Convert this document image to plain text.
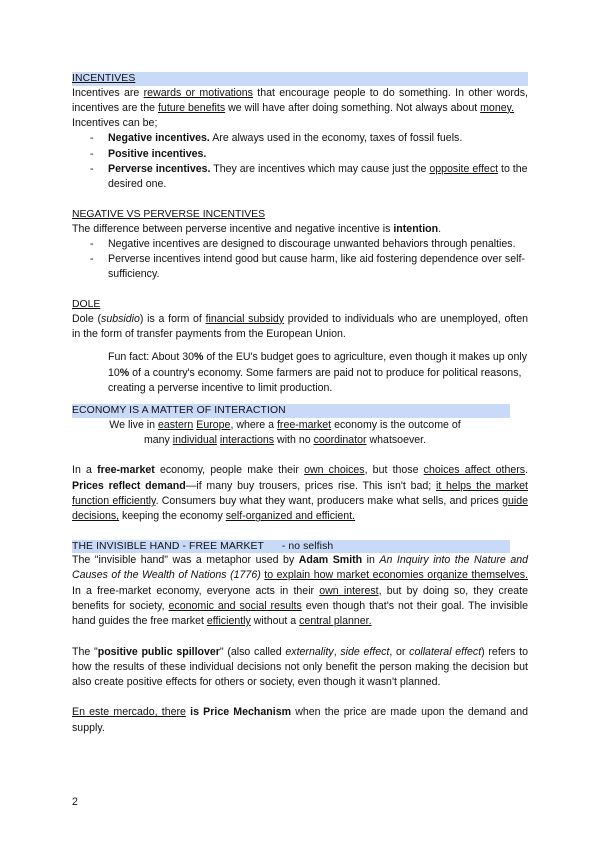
INCENTIVES

Incentives are rewards or motivations that encourage people to do something. In other words, incentives are the future benefits we will have after doing something. Not always about money.

Incentives can be;

- Negative incentives. Are always used in the economy, taxes of fossil fuels.
- Positive incentives.
- Perverse incentives. They are incentives which may cause just the opposite effect to the desired one.

NEGATIVE VS PERVERSE INCENTIVES

The difference between perverse incentive and negative incentive is intention.

- Negative incentives are designed to discourage unwanted behaviors through penalties.
- Perverse incentives intend good but cause harm, like aid fostering dependence over self-sufficiency.

DOLE

Dole (subsidio) is a form of financial subsidy provided to individuals who are unemployed, often in the form of transfer payments from the European Union.

Fun fact: About 30% of the EU's budget goes to agriculture, even though it makes up only 10% of a country's economy. Some farmers are paid not to produce for political reasons, creating a perverse incentive to limit production.

ECONOMY IS A MATTER OF INTERACTION

We live in eastern Europe, where a free-market economy is the outcome of

many individual interactions with no coordinator whatsoever.

In a free-market economy, people make their own choices, but those choices affect others. Prices reflect demand—if many buy trousers, prices rise. This isn't bad; it helps the market function efficiently. Consumers buy what they want, producers make what sells, and prices guide decisions, keeping the economy self-organized and efficient.

THE INVISIBLE HAND - FREE MARKET - no selfish

The "invisible hand" was a metaphor used by Adam Smith in An Inquiry into the Nature and Causes of the Wealth of Nations (1776) to explain how market economies organize themselves. In a free-market economy, everyone acts in their own interest, but by doing so, they create benefits for society, economic and social results even though that's not their goal. The invisible hand guides the free market efficiently without a central planner.

The "positive public spillover" (also called externality, side effect, or collateral effect) refers to how the results of these individual decisions not only benefit the person making the decision but also create positive effects for others or society, even though it wasn't planned.

En este mercado, there is Price Mechanism when the price are made upon the demand and supply.

2
